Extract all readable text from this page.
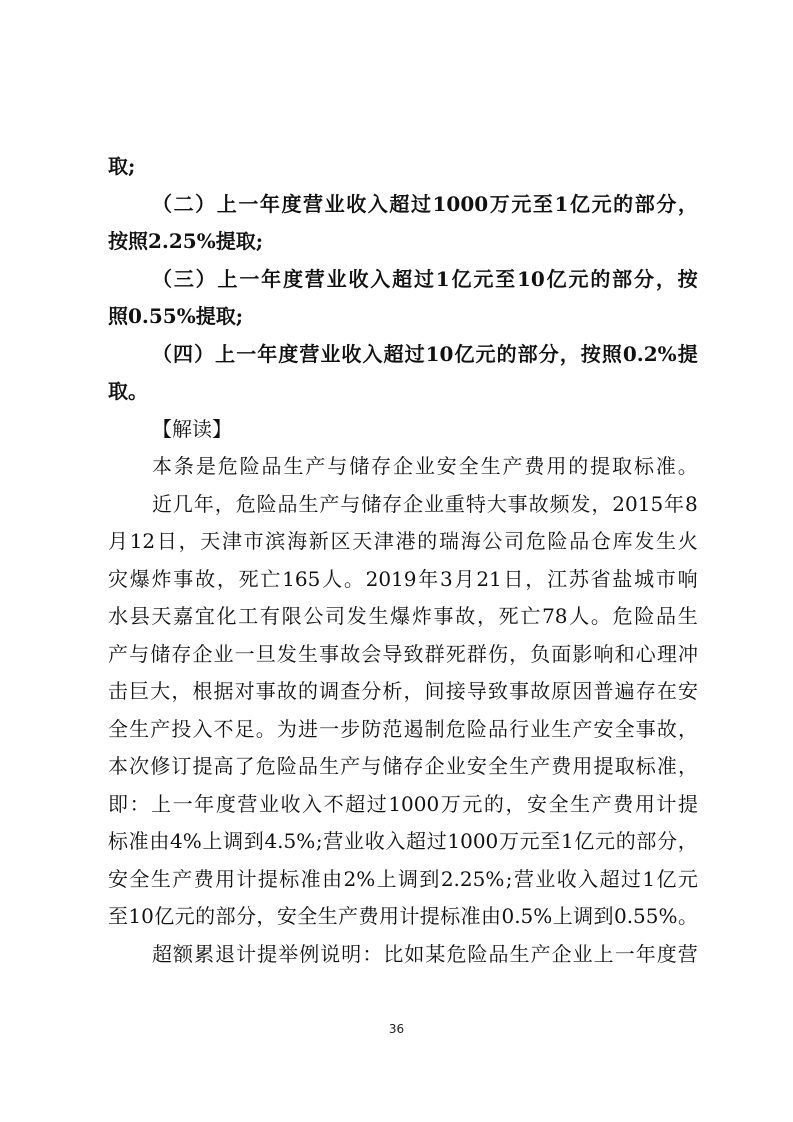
取 ;
（ 二 ） 上 一 年 度 营 业 收 入 超 过 1000 万 元 至 1 亿 元 的 部 分 ，
按 照 2.25% 提 取 ;
（ 三 ） 上 一 年 度 营 业 收 入 超 过 1 亿 元 至 10 亿 元 的 部 分 ， 按
照 0.55% 提 取 ;
（ 四 ） 上 一 年 度 营 业 收 入 超 过 10 亿 元 的 部 分 ， 按 照 0.2% 提
取 。
【 解 读 】
本 条 是 危 险 品 生 产 与 储 存 企 业 安 全 生 产 费 用 的 提 取 标 准 。
近 几 年 ， 危 险 品 生 产 与 储 存 企 业 重 特 大 事 故 频 发 ， 2015 年 8
月 12 日 ， 天 津 市 滨 海 新 区 天 津 港 的 瑞 海 公 司 危 险 品 仓 库 发 生 火
灾 爆 炸 事 故 ， 死 亡 165 人 。 2019 年 3 月 21 日 ， 江 苏 省 盐 城 市 响
水 县 天 嘉 宜 化 工 有 限 公 司 发 生 爆 炸 事 故 ， 死 亡 78 人 。 危 险 品 生
产 与 储 存 企 业 一 旦 发 生 事 故 会 导 致 群 死 群 伤 ， 负 面 影 响 和 心 理 冲
击 巨 大 ， 根 据 对 事 故 的 调 查 分 析 ， 间 接 导 致 事 故 原 因 普 遍 存 在 安
全 生 产 投 入 不 足 。 为 进 一 步 防 范 遏 制 危 险 品 行 业 生 产 安 全 事 故 ，
本 次 修 订 提 高 了 危 险 品 生 产 与 储 存 企 业 安 全 生 产 费 用 提 取 标 准 ，
即 ： 上 一 年 度 营 业 收 入 不 超 过 1000 万 元 的 ， 安 全 生 产 费 用 计 提
标 准 由 4% 上 调 到 4.5% ; 营 业 收 入 超 过 1000 万 元 至 1 亿 元 的 部 分 ，
安 全 生 产 费 用 计 提 标 准 由 2% 上 调 到 2.25% ; 营 业 收 入 超 过 1 亿 元
至 10 亿 元 的 部 分 ， 安 全 生 产 费 用 计 提 标 准 由 0.5% 上 调 到 0.55% 。
超 额 累 退 计 提 举 例 说 明 ： 比 如 某 危 险 品 生 产 企 业 上 一 年 度 营
36
